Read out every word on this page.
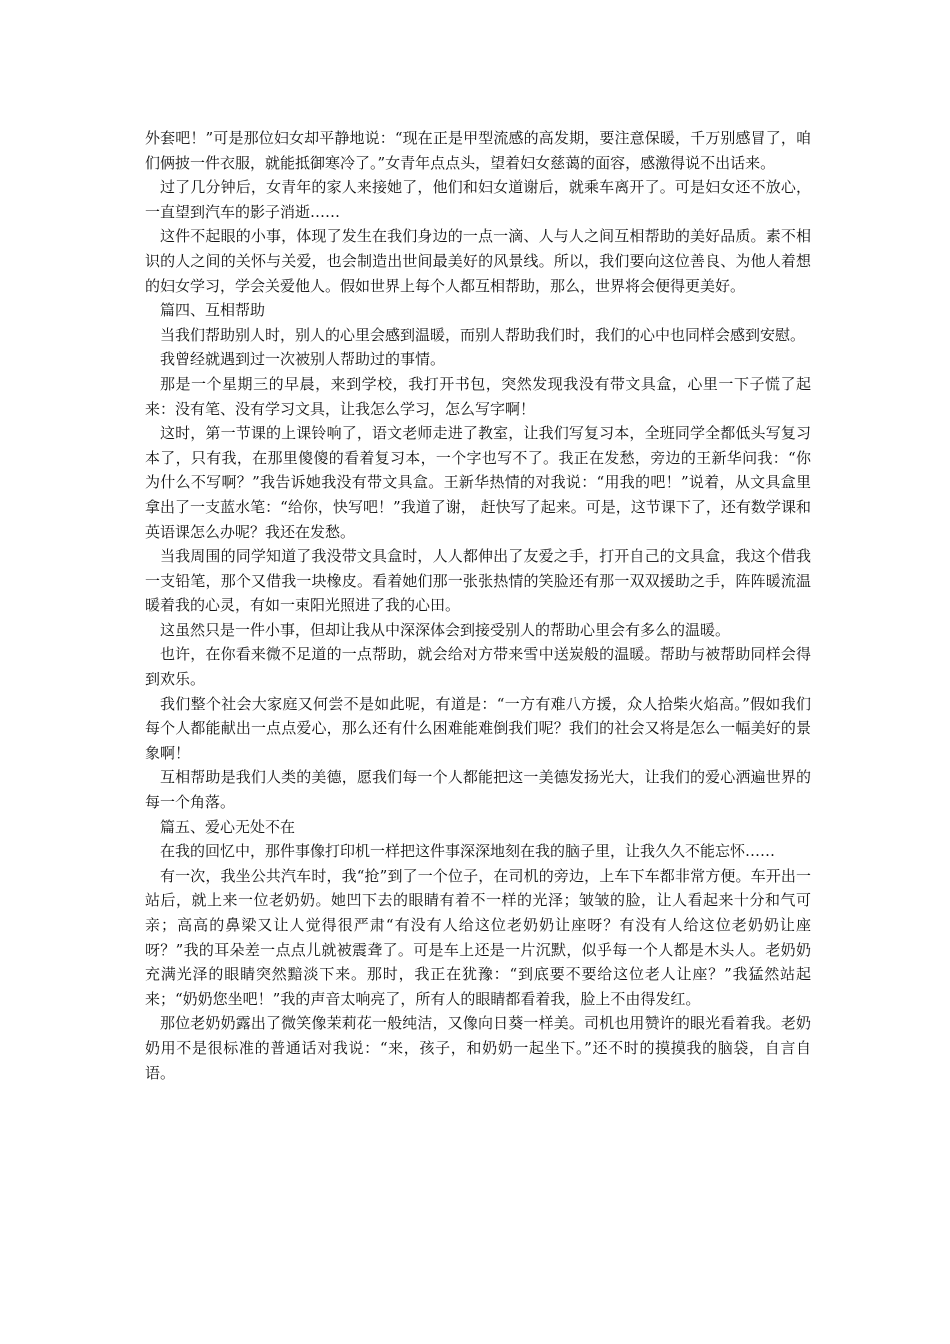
外套吧！”可是那位妇女却平静地说：“现在正是甲型流感的高发期，要注意保暖，千万别感冒了，咱们俩披一件衣服，就能抵御寒冷了。”女青年点点头，望着妇女慈蔼的面容，感激得说不出话来。

过了几分钟后，女青年的家人来接她了，他们和妇女道谢后，就乘车离开了。可是妇女还不放心，一直望到汽车的影子消逝……

这件不起眼的小事，体现了发生在我们身边的一点一滴、人与人之间互相帮助的美好品质。素不相识的人之间的关怀与关爱，也会制造出世间最美好的风景线。所以，我们要向这位善良、为他人着想的妇女学习，学会关爱他人。假如世界上每个人都互相帮助，那么，世界将会便得更美好。

篇四、互相帮助

当我们帮助别人时，别人的心里会感到温暖，而别人帮助我们时，我们的心中也同样会感到安慰。

我曾经就遇到过一次被别人帮助过的事情。

那是一个星期三的早晨，来到学校，我打开书包，突然发现我没有带文具盒，心里一下子慌了起来：没有笔、没有学习文具，让我怎么学习，怎么写字啊！

这时，第一节课的上课铃响了，语文老师走进了教室，让我们写复习本，全班同学全都低头写复习本了，只有我，在那里傻傻的看着复习本，一个字也写不了。我正在发愁，旁边的王新华问我：“你为什么不写啊？”我告诉她我没有带文具盒。王新华热情的对我说：“用我的吧！”说着，从文具盒里拿出了一支蓝水笔：“给你，快写吧！”我道了谢， 赶快写了起来。可是，这节课下了，还有数学课和英语课怎么办呢？我还在发愁。

当我周围的同学知道了我没带文具盒时，人人都伸出了友爱之手，打开自己的文具盒，我这个借我一支铅笔，那个又借我一块橡皮。看着她们那一张张热情的笑脸还有那一双双援助之手，阵阵暖流温暖着我的心灵，有如一束阳光照进了我的心田。

这虽然只是一件小事，但却让我从中深深体会到接受别人的帮助心里会有多么的温暖。

也许，在你看来微不足道的一点帮助，就会给对方带来雪中送炭般的温暖。帮助与被帮助同样会得到欢乐。

我们整个社会大家庭又何尝不是如此呢，有道是：“一方有难八方援，众人拾柴火焰高。”假如我们每个人都能献出一点点爱心，那么还有什么困难能难倒我们呢？我们的社会又将是怎么一幅美好的景象啊！

互相帮助是我们人类的美德，愿我们每一个人都能把这一美德发扬光大，让我们的爱心洒遍世界的每一个角落。

篇五、爱心无处不在

在我的回忆中，那件事像打印机一样把这件事深深地刻在我的脑子里，让我久久不能忘怀……

有一次，我坐公共汽车时，我“抢”到了一个位子，在司机的旁边，上车下车都非常方便。车开出一站后，就上来一位老奶奶。她凹下去的眼睛有着不一样的光泽；皱皱的脸，让人看起来十分和气可亲；高高的鼻梁又让人觉得很严肃“有没有人给这位老奶奶让座呀？有没有人给这位老奶奶让座呀？”我的耳朵差一点点儿就被震聋了。可是车上还是一片沉默，似乎每一个人都是木头人。老奶奶充满光泽的眼睛突然黯淡下来。那时，我正在犹豫：“到底要不要给这位老人让座？”我猛然站起来；“奶奶您坐吧！”我的声音太响亮了，所有人的眼睛都看着我，脸上不由得发红。

那位老奶奶露出了微笑像茉莉花一般纯洁，又像向日葵一样美。司机也用赞许的眼光看着我。老奶奶用不是很标准的普通话对我说：“来，孩子，和奶奶一起坐下。”还不时的摸摸我的脑袋，自言自语。
